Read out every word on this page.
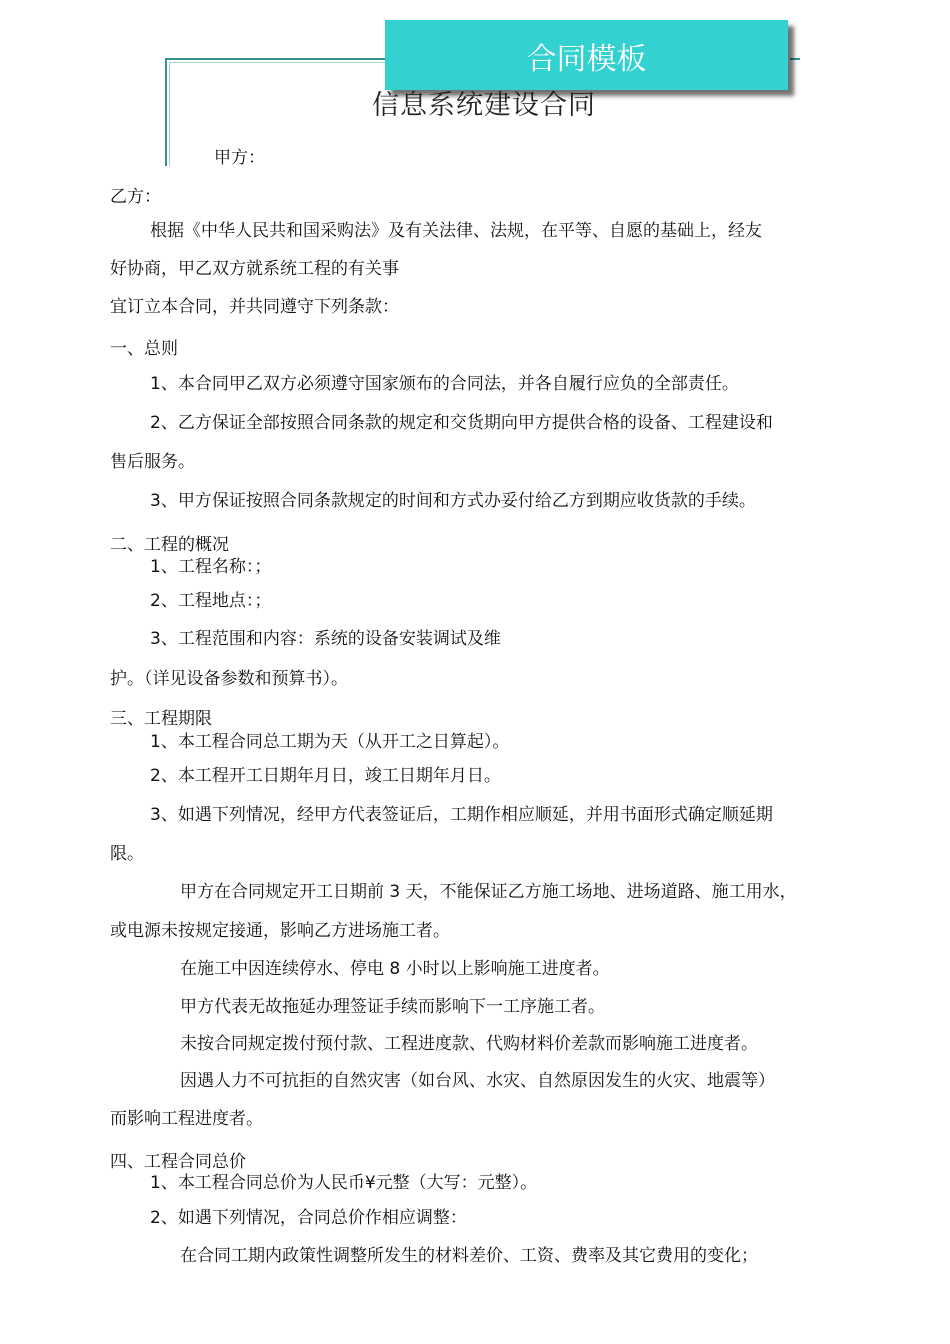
合同模板
信息系统建设合同
甲方：
乙方：
根据《中华人民共和国采购法》及有关法律、法规，在平等、自愿的基础上，经友
好协商，甲乙双方就系统工程的有关事
宜订立本合同，并共同遵守下列条款：
一、总则
1、本合同甲乙双方必须遵守国家颁布的合同法，并各自履行应负的全部责任。
2、乙方保证全部按照合同条款的规定和交货期向甲方提供合格的设备、工程建设和
售后服务。
3、甲方保证按照合同条款规定的时间和方式办妥付给乙方到期应收货款的手续。
二、工程的概况
1、工程名称：；
2、工程地点：；
3、工程范围和内容：系统的设备安装调试及维
护。（详见设备参数和预算书）。
三、工程期限
1、本工程合同总工期为天（从开工之日算起）。
2、本工程开工日期年月日，竣工日期年月日。
3、如遇下列情况，经甲方代表签证后，工期作相应顺延，并用书面形式确定顺延期
限。
甲方在合同规定开工日期前 3 天，不能保证乙方施工场地、进场道路、施工用水，
或电源未按规定接通，影响乙方进场施工者。
在施工中因连续停水、停电 8 小时以上影响施工进度者。
甲方代表无故拖延办理签证手续而影响下一工序施工者。
未按合同规定拨付预付款、工程进度款、代购材料价差款而影响施工进度者。
因遇人力不可抗拒的自然灾害（如台风、水灾、自然原因发生的火灾、地震等）
而影响工程进度者。
四、工程合同总价
1、本工程合同总价为人民币¥元整（大写：元整）。
2、如遇下列情况，合同总价作相应调整：
在合同工期内政策性调整所发生的材料差价、工资、费率及其它费用的变化；
